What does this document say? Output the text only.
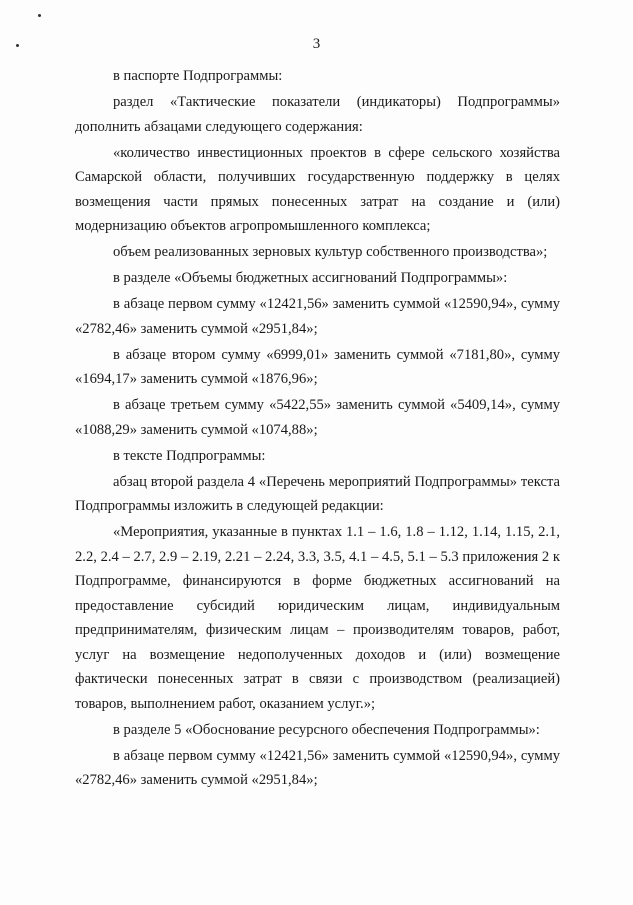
3

в паспорте Подпрограммы:

раздел «Тактические показатели (индикаторы) Подпрограммы» дополнить абзацами следующего содержания:

«количество инвестиционных проектов в сфере сельского хозяйства Самарской области, получивших государственную поддержку в целях возмещения части прямых понесенных затрат на создание и (или) модернизацию объектов агропромышленного комплекса;

объем реализованных зерновых культур собственного производства»;

в разделе «Объемы бюджетных ассигнований Подпрограммы»:

в абзаце первом сумму «12421,56» заменить суммой «12590,94», сумму «2782,46» заменить суммой «2951,84»;

в абзаце втором сумму «6999,01» заменить суммой «7181,80», сумму «1694,17» заменить суммой «1876,96»;

в абзаце третьем сумму «5422,55» заменить суммой «5409,14», сумму «1088,29» заменить суммой «1074,88»;

в тексте Подпрограммы:

абзац второй раздела 4 «Перечень мероприятий Подпрограммы» текста Подпрограммы изложить в следующей редакции:

«Мероприятия, указанные в пунктах 1.1 – 1.6, 1.8 – 1.12, 1.14, 1.15, 2.1, 2.2, 2.4 – 2.7, 2.9 – 2.19, 2.21 – 2.24, 3.3, 3.5, 4.1 – 4.5, 5.1 – 5.3 приложения 2 к Подпрограмме, финансируются в форме бюджетных ассигнований на предоставление субсидий юридическим лицам, индивидуальным предпринимателям, физическим лицам – производителям товаров, работ, услуг на возмещение недополученных доходов и (или) возмещение фактически понесенных затрат в связи с производством (реализацией) товаров, выполнением работ, оказанием услуг.»;

в разделе 5 «Обоснование ресурсного обеспечения Подпрограммы»:

в абзаце первом сумму «12421,56» заменить суммой «12590,94», сумму «2782,46» заменить суммой «2951,84»;
